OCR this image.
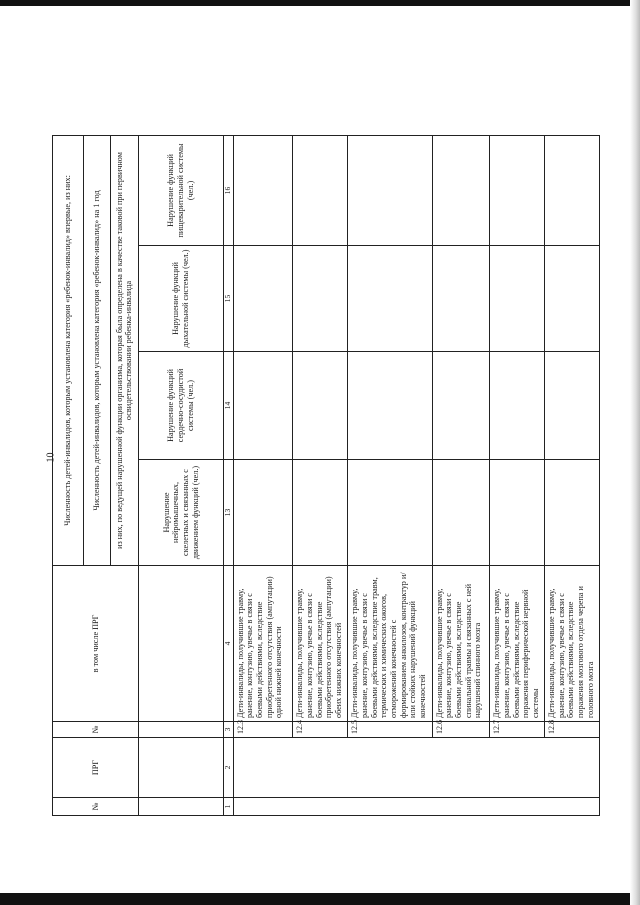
10
№	ПРГ	№	в том числе ПРГ	Численность детей-инвалидов, которым установлена категория «ребенок-инвалид» впервые, из них:			
				Численность детей-инвалидов, которым установлена категория «ребенок-инвалид» на 1 год			
				из них, по ведущей нарушенной функции организма, которая была определена в качестве таковой при первичном освидетельствовании ребенка-инвалида			
				Нарушение нейромышечных, скелетных и связанных с движением функций (чел.)	Нарушение функций сердечно-сосудистой системы (чел.)	Нарушение функций дыхательной системы (чел.)	Нарушение функций пищеварительной системы (чел.)
1	2	3	4	13	14	15	16
		12.3	Дети-инвалиды, получившие травму, ранение, контузию, увечье в связи с боевыми действиями, вследствие приобретенного отсутствия (ампутации) одной нижней конечности				
		12.4	Дети-инвалиды, получившие травму, ранение, контузию, увечье в связи с боевыми действиями, вследствие приобретенного отсутствия (ампутации) обеих нижних конечностей				
		12.5	Дети-инвалиды, получившие травму, ранение, контузию, увечье в связи с боевыми действиями, вследствие травм, термических и химических ожогов, отморожений конечностей с формированием анкилозов, контрактур и/или стойких нарушений функций конечностей				
		12.6	Дети-инвалиды, получившие травму, ранение, контузию, увечье в связи с боевыми действиями, вследствие спинальной травмы и связанных с ней нарушений спинного мозга				
		12.7	Дети-инвалиды, получившие травму, ранение, контузию, увечье в связи с боевыми действиями, вследствие поражения периферической нервной системы				
		12.8	Дети-инвалиды, получившие травму, ранение, контузию, увечье в связи с боевыми действиями, вследствие поражения мозгового отдела черепа и головного мозга				
